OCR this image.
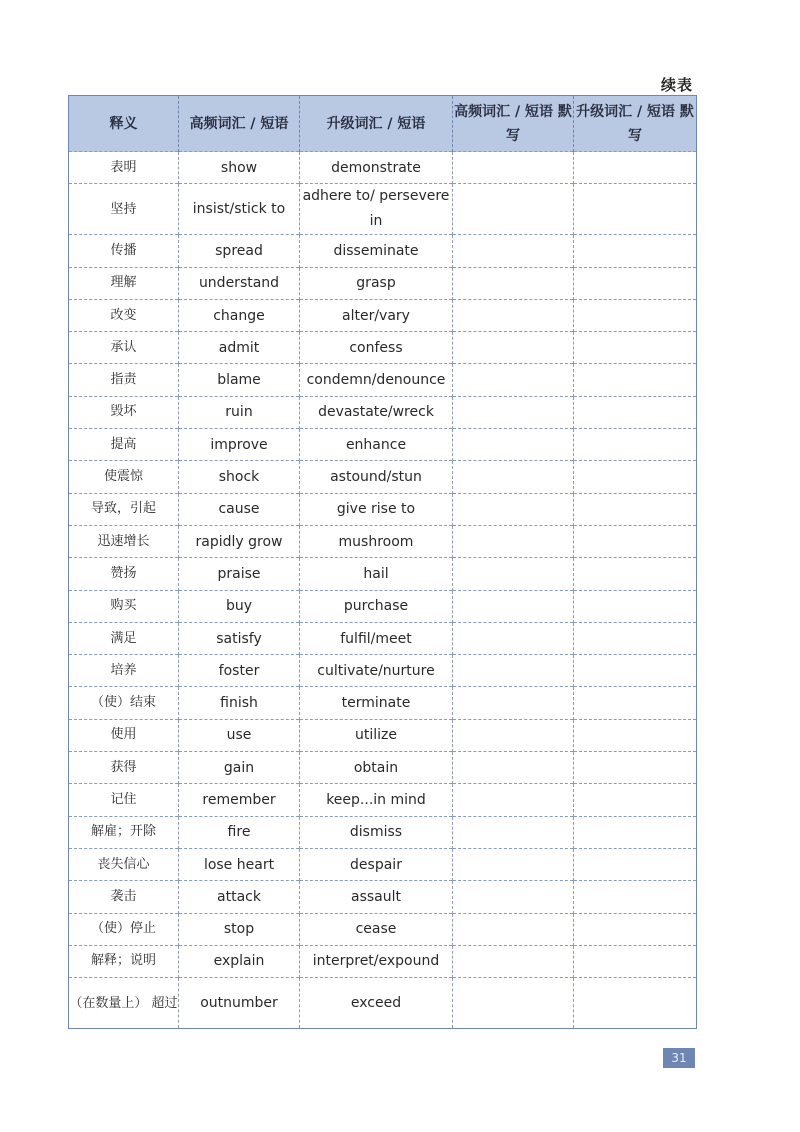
续表
释义	高频词汇 / 短语	升级词汇 / 短语	高频词汇 / 短语 默写	升级词汇 / 短语 默写
表明	show	demonstrate		
坚持	insist/stick to	adhere to/ persevere in		
传播	spread	disseminate		
理解	understand	grasp		
改变	change	alter/vary		
承认	admit	confess		
指责	blame	condemn/denounce		
毁坏	ruin	devastate/wreck		
提高	improve	enhance		
使震惊	shock	astound/stun		
导致，引起	cause	give rise to		
迅速增长	rapidly grow	mushroom		
赞扬	praise	hail		
购买	buy	purchase		
满足	satisfy	fulfil/meet		
培养	foster	cultivate/nurture		
（使）结束	finish	terminate		
使用	use	utilize		
获得	gain	obtain		
记住	remember	keep...in mind		
解雇；开除	fire	dismiss		
丧失信心	lose heart	despair		
袭击	attack	assault		
（使）停止	stop	cease		
解释；说明	explain	interpret/expound		
（在数量上） 超过	outnumber	exceed		
31
